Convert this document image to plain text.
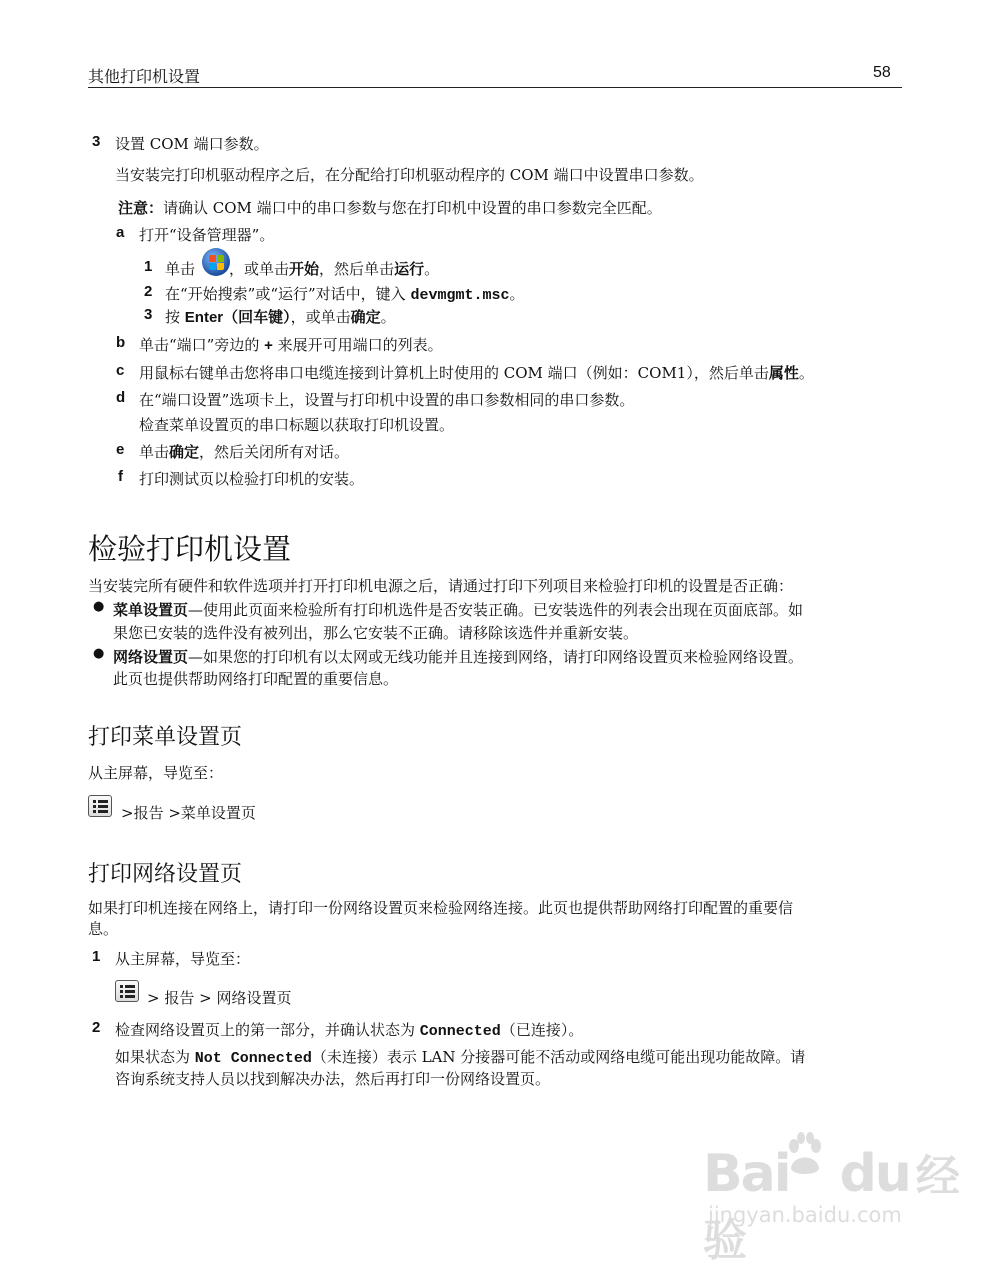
其他打印机设置	58
3 设置 COM 端口参数。
当安装完打印机驱动程序之后，在分配给打印机驱动程序的 COM 端口中设置串口参数。
注意：请确认 COM 端口中的串口参数与您在打印机中设置的串口参数完全匹配。
a 打开“设备管理器”。
1 单击 ，或单击开始，然后单击运行。
2 在“开始搜索”或“运行”对话中，键入 devmgmt.msc。
3 按 Enter（回车键），或单击确定。
b 单击“端口”旁边的 + 来展开可用端口的列表。
c 用鼠标右键单击您将串口电缆连接到计算机上时使用的 COM 端口（例如：COM1），然后单击属性。
d 在“端口设置”选项卡上，设置与打印机中设置的串口参数相同的串口参数。
检查菜单设置页的串口标题以获取打印机设置。
e 单击确定，然后关闭所有对话。
f 打印测试页以检验打印机的安装。
检验打印机设置
当安装完所有硬件和软件选项并打开打印机电源之后，请通过打印下列项目来检验打印机的设置是否正确：
● 菜单设置页—使用此页面来检验所有打印机选件是否安装正确。已安装选件的列表会出现在页面底部。如
果您已安装的选件没有被列出，那么它安装不正确。请移除该选件并重新安装。
● 网络设置页—如果您的打印机有以太网或无线功能并且连接到网络，请打印网络设置页来检验网络设置。
此页也提供帮助网络打印配置的重要信息。
打印菜单设置页
从主屏幕，导览至：
>报告 >菜单设置页
打印网络设置页
如果打印机连接在网络上，请打印一份网络设置页来检验网络连接。此页也提供帮助网络打印配置的重要信
息。
1 从主屏幕，导览至：
> 报告 > 网络设置页
2 检查网络设置页上的第一部分，并确认状态为 Connected（已连接）。
如果状态为 Not Connected（未连接）表示 LAN 分接器可能不活动或网络电缆可能出现功能故障。请
咨询系统支持人员以找到解决办法，然后再打印一份网络设置页。
Bai du 经验
jingyan.baidu.com
